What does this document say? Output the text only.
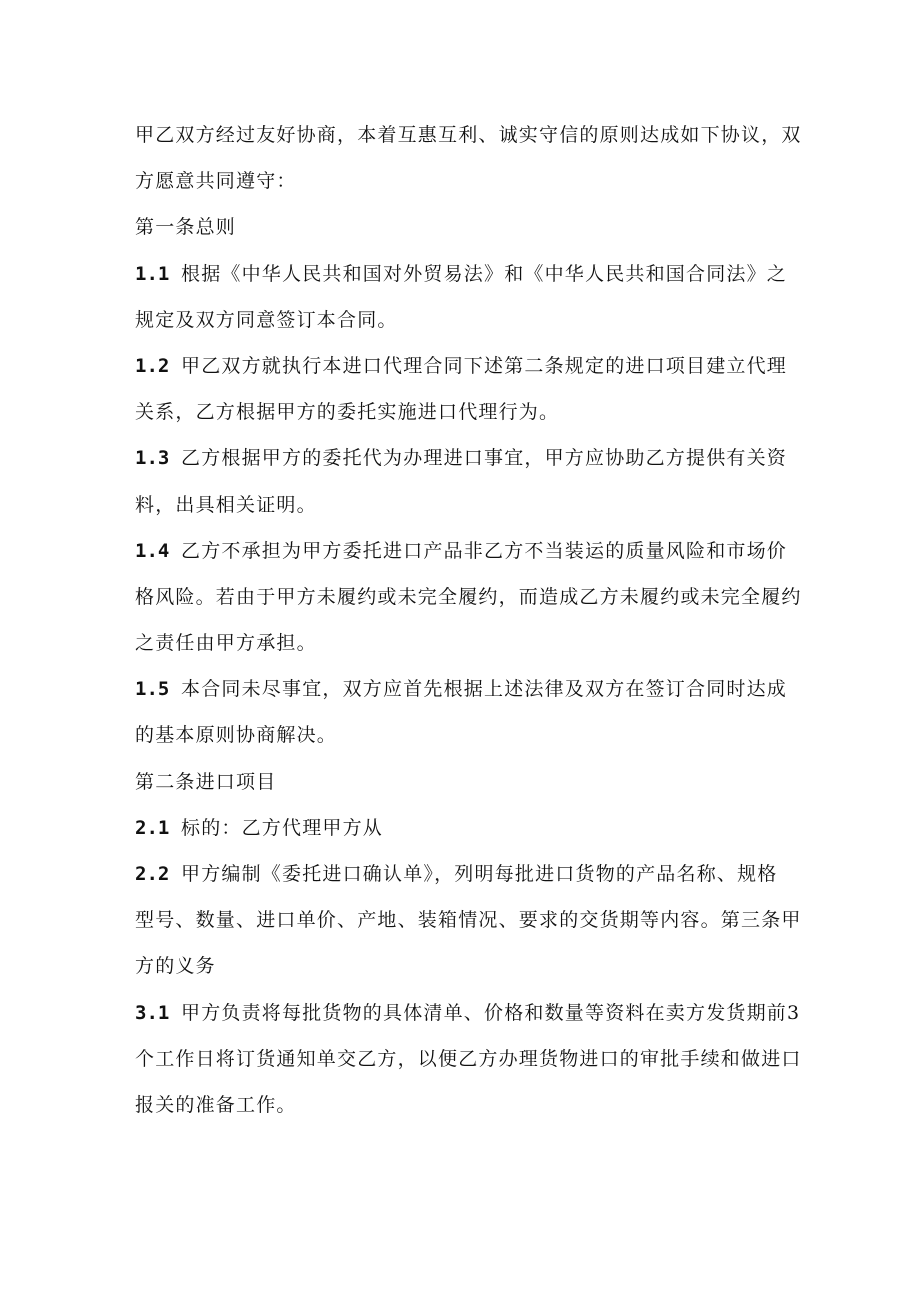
甲乙双方经过友好协商，本着互惠互利、诚实守信的原则达成如下协议，双
方愿意共同遵守：
第一条总则
1.1 根据《中华人民共和国对外贸易法》和《中华人民共和国合同法》之
规定及双方同意签订本合同。
1.2 甲乙双方就执行本进口代理合同下述第二条规定的进口项目建立代理
关系，乙方根据甲方的委托实施进口代理行为。
1.3 乙方根据甲方的委托代为办理进口事宜，甲方应协助乙方提供有关资
料，出具相关证明。
1.4 乙方不承担为甲方委托进口产品非乙方不当装运的质量风险和市场价
格风险。若由于甲方未履约或未完全履约，而造成乙方未履约或未完全履约
之责任由甲方承担。
1.5 本合同未尽事宜，双方应首先根据上述法律及双方在签订合同时达成
的基本原则协商解决。
第二条进口项目
2.1 标的：乙方代理甲方从
2.2 甲方编制《委托进口确认单》，列明每批进口货物的产品名称、规格
型号、数量、进口单价、产地、装箱情况、要求的交货期等内容。第三条甲
方的义务
3.1 甲方负责将每批货物的具体清单、价格和数量等资料在卖方发货期前3
个工作日将订货通知单交乙方，以便乙方办理货物进口的审批手续和做进口
报关的准备工作。
